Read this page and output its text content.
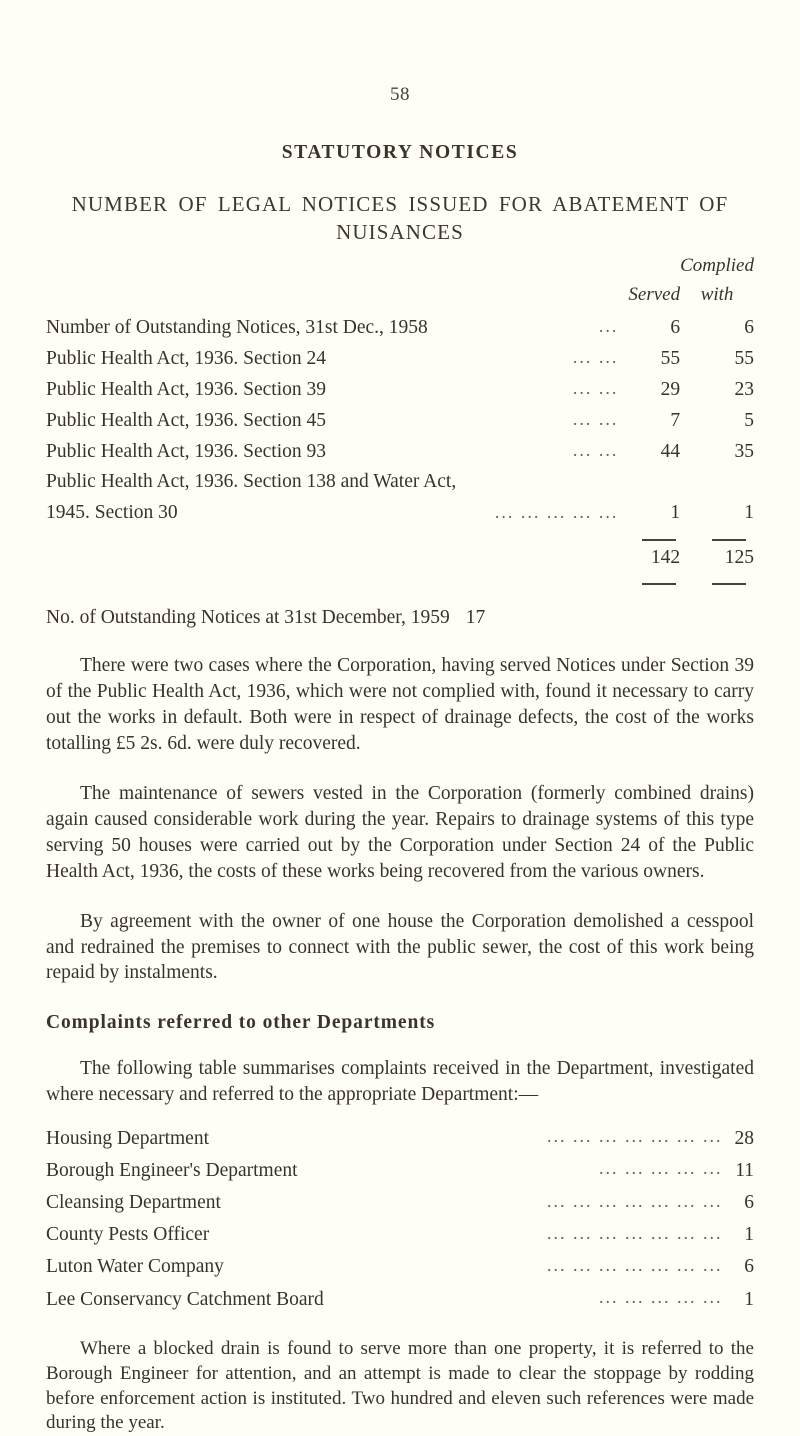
58
STATUTORY NOTICES
NUMBER OF LEGAL NOTICES ISSUED FOR ABATEMENT OF
NUISANCES
		Served	Complied
with

Number of Outstanding Notices, 31st Dec., 1958	...	6	6
Public Health Act, 1936. Section 24	... ...	55	55
Public Health Act, 1936. Section 39	... ...	29	23
Public Health Act, 1936. Section 45	... ...	7	5
Public Health Act, 1936. Section 93	... ...	44	35
Public Health Act, 1936. Section 138 and Water Act,			
1945. Section 30	... ... ... ... ...	1	1

		142	125

No. of Outstanding Notices at 31st December, 1959 17

There were two cases where the Corporation, having served Notices under Section 39 of the Public Health Act, 1936, which were not complied with, found it necessary to carry out the works in default. Both were in respect of drainage defects, the cost of the works totalling £5 2s. 6d. were duly recovered.

The maintenance of sewers vested in the Corporation (formerly combined drains) again caused considerable work during the year. Repairs to drainage systems of this type serving 50 houses were carried out by the Corporation under Section 24 of the Public Health Act, 1936, the costs of these works being recovered from the various owners.

By agreement with the owner of one house the Corporation demolished a cesspool and redrained the premises to connect with the public sewer, the cost of this work being repaid by instalments.

Complaints referred to other Departments

The following table summarises complaints received in the Department, investigated where necessary and referred to the appropriate Department:—

Housing Department	... ... ... ... ... ... ...	28
Borough Engineer's Department	... ... ... ... ...	11
Cleansing Department	... ... ... ... ... ... ...	6
County Pests Officer	... ... ... ... ... ... ...	1
Luton Water Company	... ... ... ... ... ... ...	6
Lee Conservancy Catchment Board	... ... ... ... ...	1

Where a blocked drain is found to serve more than one property, it is referred to the Borough Engineer for attention, and an attempt is made to clear the stoppage by rodding before enforcement action is instituted. Two hundred and eleven such references were made during the year.
